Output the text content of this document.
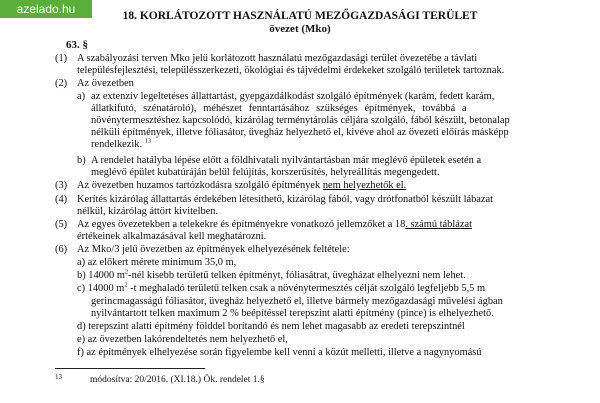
azelado.hu	18. KORLÁTOZOTT HASZNÁLATÚ MEZŐGAZDASÁGI TERÜLET
övezet (Mko)
63. §
(1) A szabályozási terven Mko jelű korlátozott használatú mezőgazdasági terület övezetébe a távlati
településfejlesztési, településszerkezeti, ökológiai és tájvédelmi érdekeket szolgáló területek tartoznak.
(2) Az övezetben
a) az extenzív legeltetéses állattartást, gyepgazdálkodást szolgáló építmények (karám, fedett karám,
állatkifutó, szénatároló), méhészet fenntartásához szükséges építmények, továbbá a
növénytermesztéshez kapcsolódó, kizárólag terménytárolás céljára szolgáló, fából készült, betonalap
nélküli építmények, illetve fóliasátor, üvegház helyezhető el, kivéve ahol az övezeti előírás másképp
rendelkezik. $^{13}$
b) A rendelet hatályba lépése előtt a földhivatali nyilvántartásban már meglévő épületek esetén a
meglévő épület kubatúráján belül felújítás, korszerűsítés, helyreállítás megengedett.
(3) Az övezetben huzamos tartózkodásra szolgáló építmények nem helyezhetők el.
(4) Kerítés kizárólag állattartás érdekében létesíthető, kizárólag fából, vagy drótfonatból készült lábazat
nélkül, kizárólag áttört kivitelben.
(5) Az egyes övezetekben a telekekre és építményekre vonatkozó jellemzőket a 18. számú táblázat
értékeinek alkalmazásával kell meghatározni.
(6) Az Mko/3 jelű övezetben az építmények elhelyezésének feltétele:
a) az előkert mérete minimum 35,0 m,
b) 14000 $m^2$-nél kisebb területű telken építményt, fóliasátrat, üvegházat elhelyezni nem lehet.
c) 14000 $m^2$ -t meghaladó területű telken csak a növénytermesztés célját szolgáló legfeljebb 5,5 m
gerincmagasságú fóliasátor, üvegház helyezhető el, illetve bármely mezőgazdasági művelési ágban
nyilvántartott telken maximum 2 % beépítéssel terepszint alatti építmény (pince) is elhelyezhető.
d) terepszint alatti építmény földdel borítandó és nem lehet magasabb az eredeti terepszintnél
e) az övezetben lakórendeltetés nem helyezhető el,
f) az építmények elhelyezése során figyelembe kell venni a közút melletti, illetve a nagynyomású
13	módosítva: 20/2016. (XI.18.) Ök. rendelet 1.§
